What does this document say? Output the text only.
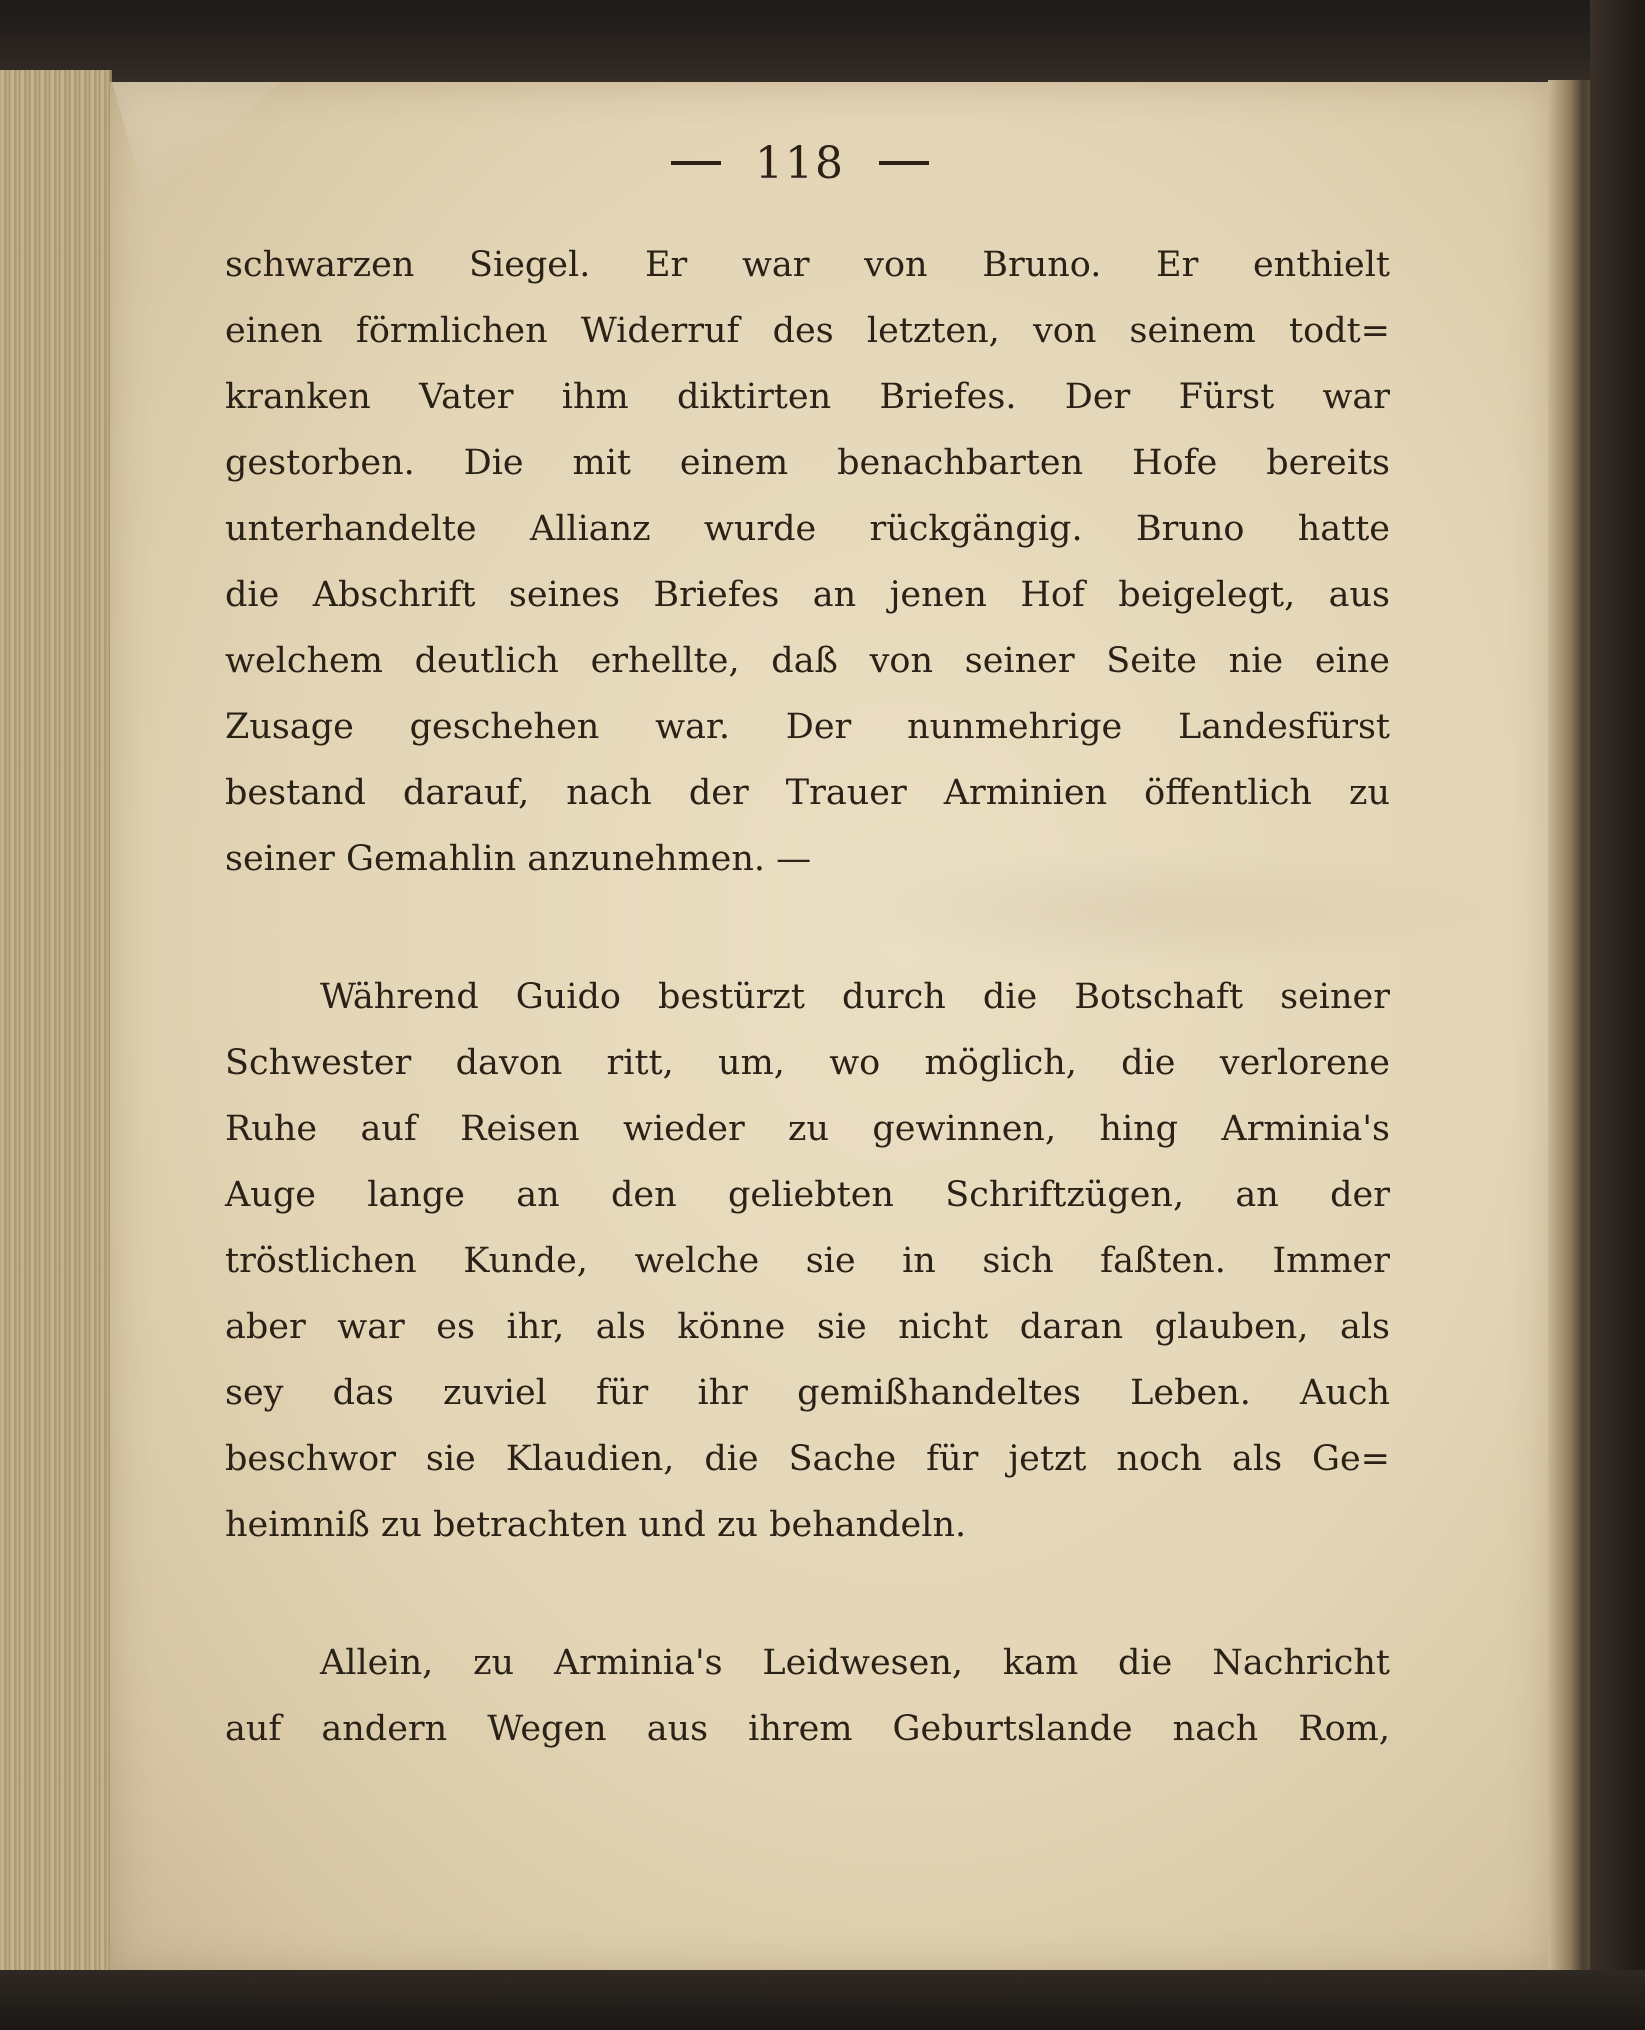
118
schwarzen Siegel. Er war von Bruno. Er enthielt
einen förmlichen Widerruf des letzten, von seinem todt=
kranken Vater ihm diktirten Briefes. Der Fürst war
gestorben. Die mit einem benachbarten Hofe bereits
unterhandelte Allianz wurde rückgängig. Bruno hatte
die Abschrift seines Briefes an jenen Hof beigelegt, aus
welchem deutlich erhellte, daß von seiner Seite nie eine
Zusage geschehen war. Der nunmehrige Landesfürst
bestand darauf, nach der Trauer Arminien öffentlich zu
seiner Gemahlin anzunehmen. —
Während Guido bestürzt durch die Botschaft seiner
Schwester davon ritt, um, wo möglich, die verlorene
Ruhe auf Reisen wieder zu gewinnen, hing Arminia's
Auge lange an den geliebten Schriftzügen, an der
tröstlichen Kunde, welche sie in sich faßten. Immer
aber war es ihr, als könne sie nicht daran glauben, als
sey das zuviel für ihr gemißhandeltes Leben. Auch
beschwor sie Klaudien, die Sache für jetzt noch als Ge=
heimniß zu betrachten und zu behandeln.
Allein, zu Arminia's Leidwesen, kam die Nachricht
auf andern Wegen aus ihrem Geburtslande nach Rom,
